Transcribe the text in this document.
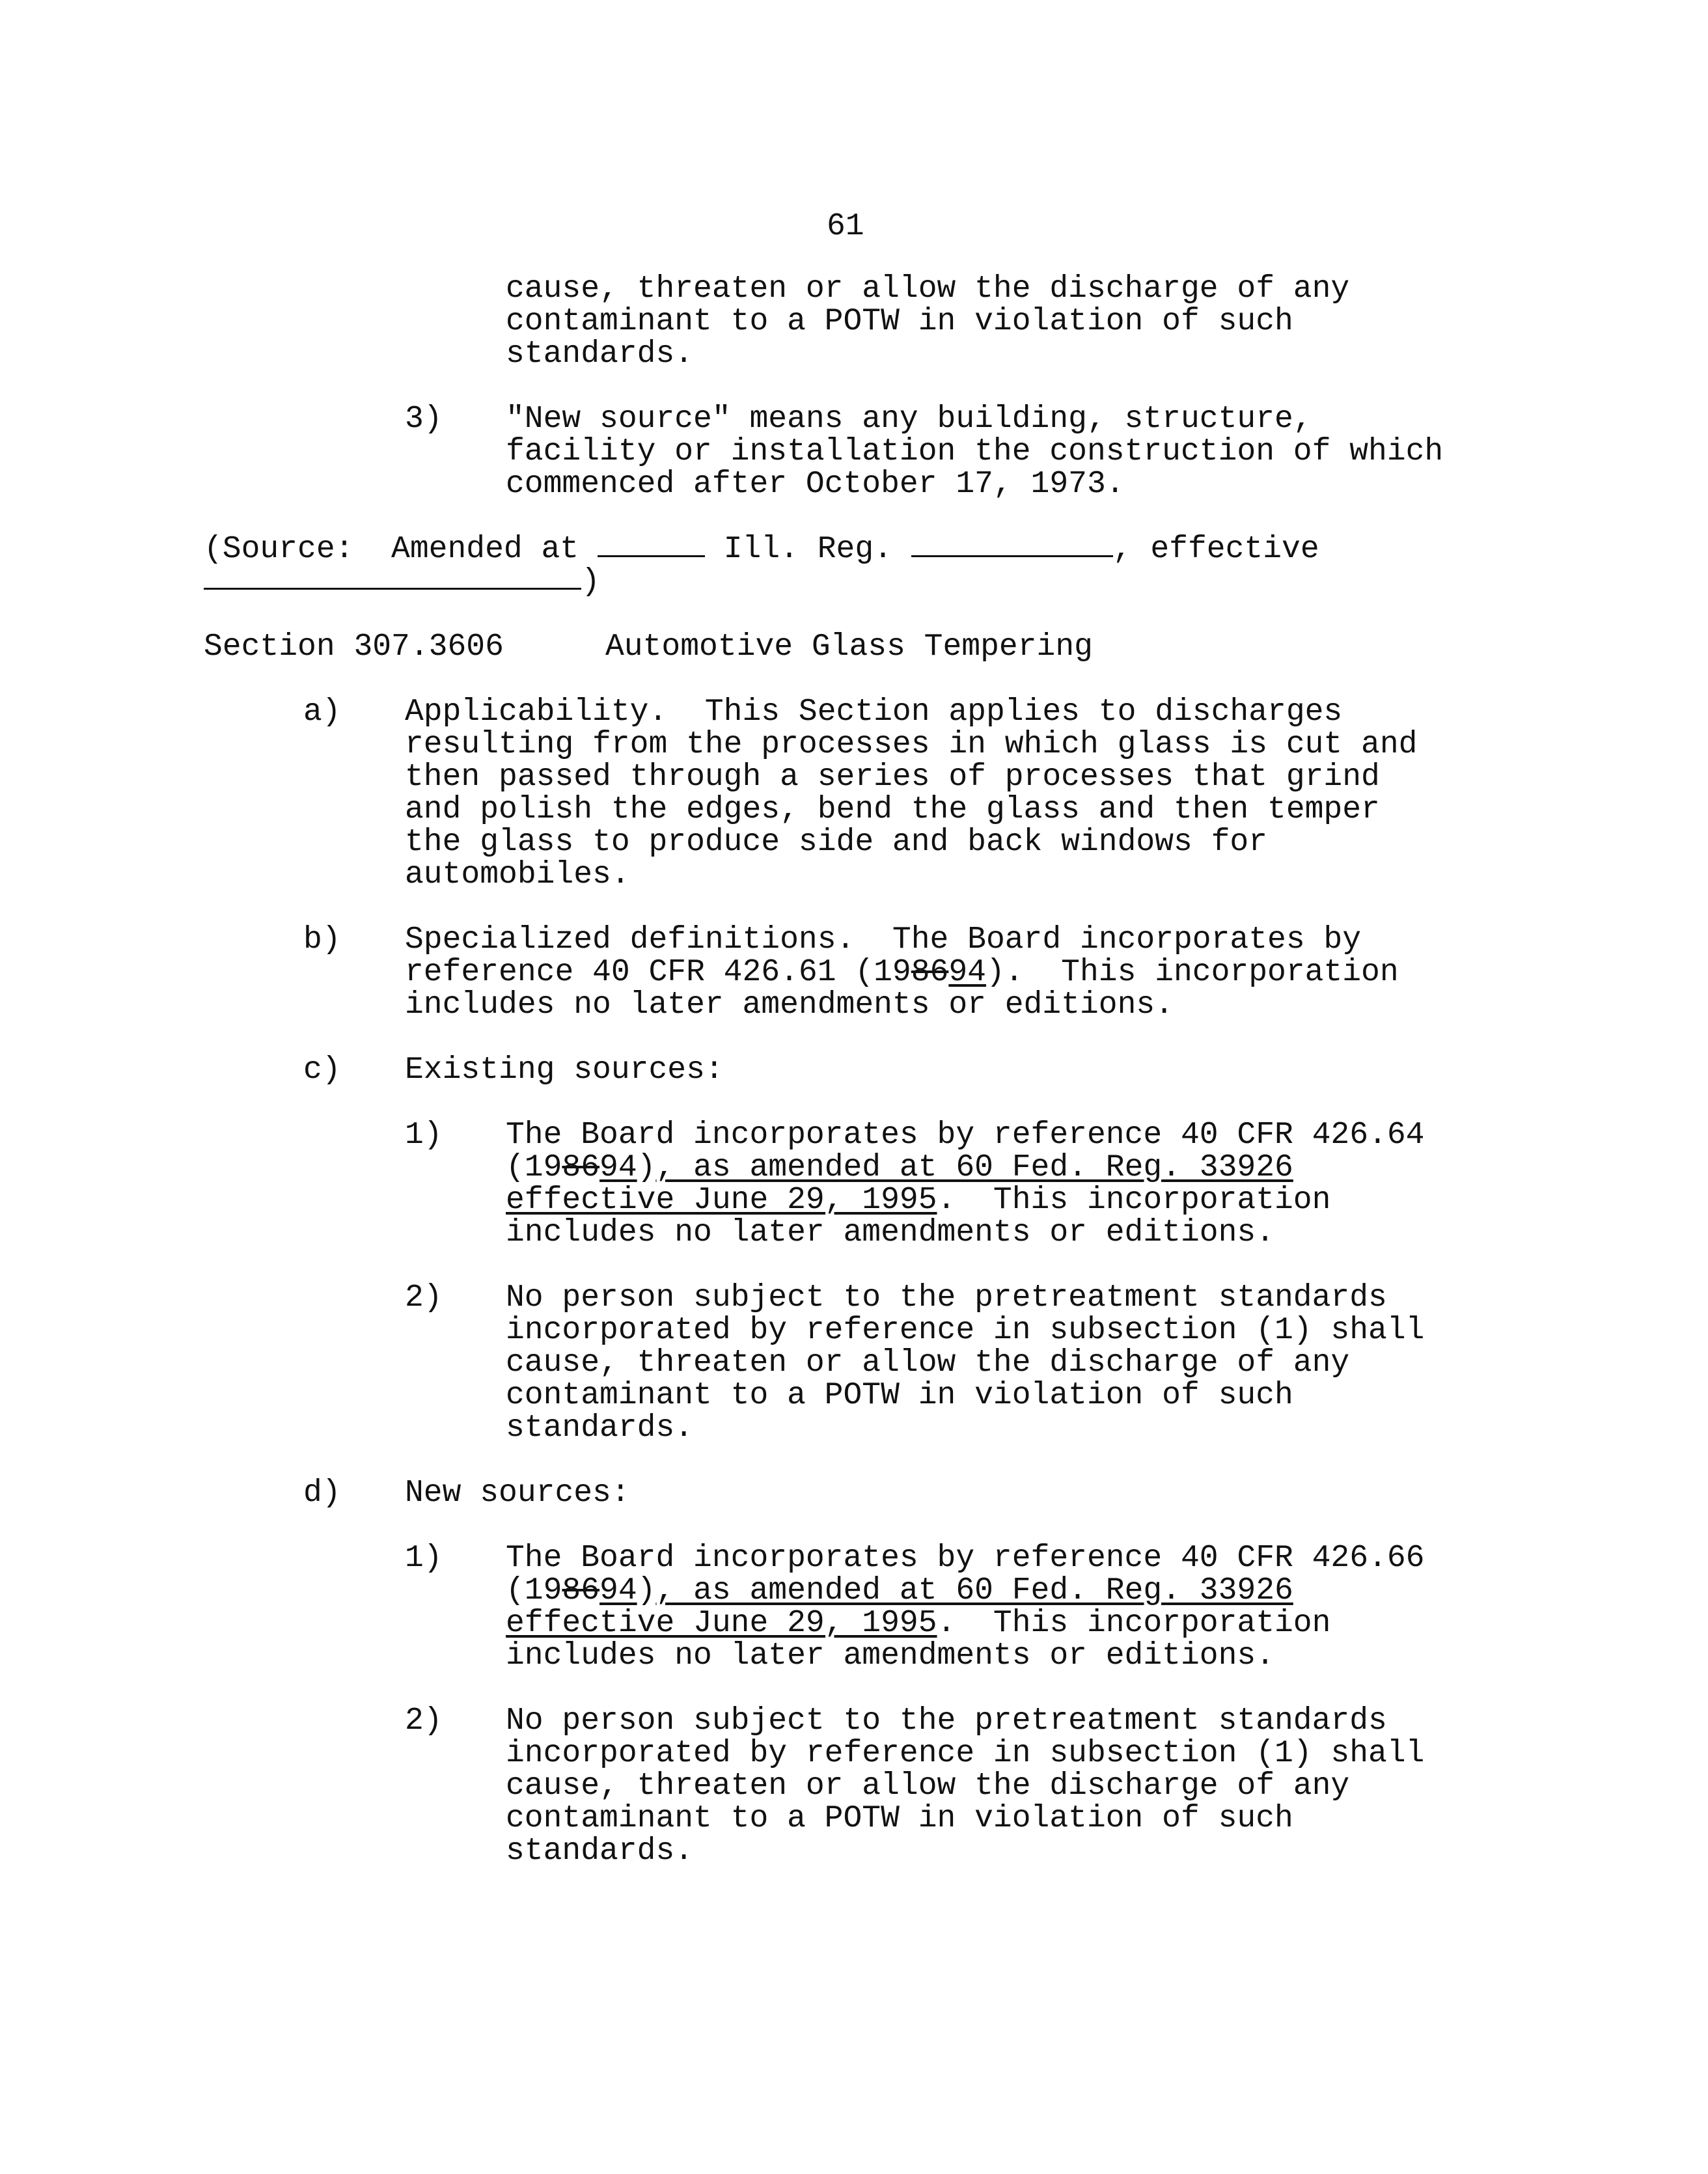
61
cause, threaten or allow the discharge of any
contaminant to a POTW in violation of such
standards.
3) "New source" means any building, structure,
facility or installation the construction of which
commenced after October 17, 1973.
(Source:  Amended at	Ill. Reg.	, effective
)
Section 307.3606	Automotive Glass Tempering
a) Applicability.  This Section applies to discharges
resulting from the processes in which glass is cut and
then passed through a series of processes that grind
and polish the edges, bend the glass and then temper
the glass to produce side and back windows for
automobiles.
b) Specialized definitions.  The Board incorporates by
reference 40 CFR 426.61 (198694).  This incorporation
includes no later amendments or editions.
c) Existing sources:
1) The Board incorporates by reference 40 CFR 426.64
(198694), as amended at 60 Fed. Reg. 33926
effective June 29, 1995.  This incorporation
includes no later amendments or editions.
2) No person subject to the pretreatment standards
incorporated by reference in subsection (1) shall
cause, threaten or allow the discharge of any
contaminant to a POTW in violation of such
standards.
d) New sources:
1) The Board incorporates by reference 40 CFR 426.66
(198694), as amended at 60 Fed. Reg. 33926
effective June 29, 1995.  This incorporation
includes no later amendments or editions.
2) No person subject to the pretreatment standards
incorporated by reference in subsection (1) shall
cause, threaten or allow the discharge of any
contaminant to a POTW in violation of such
standards.
